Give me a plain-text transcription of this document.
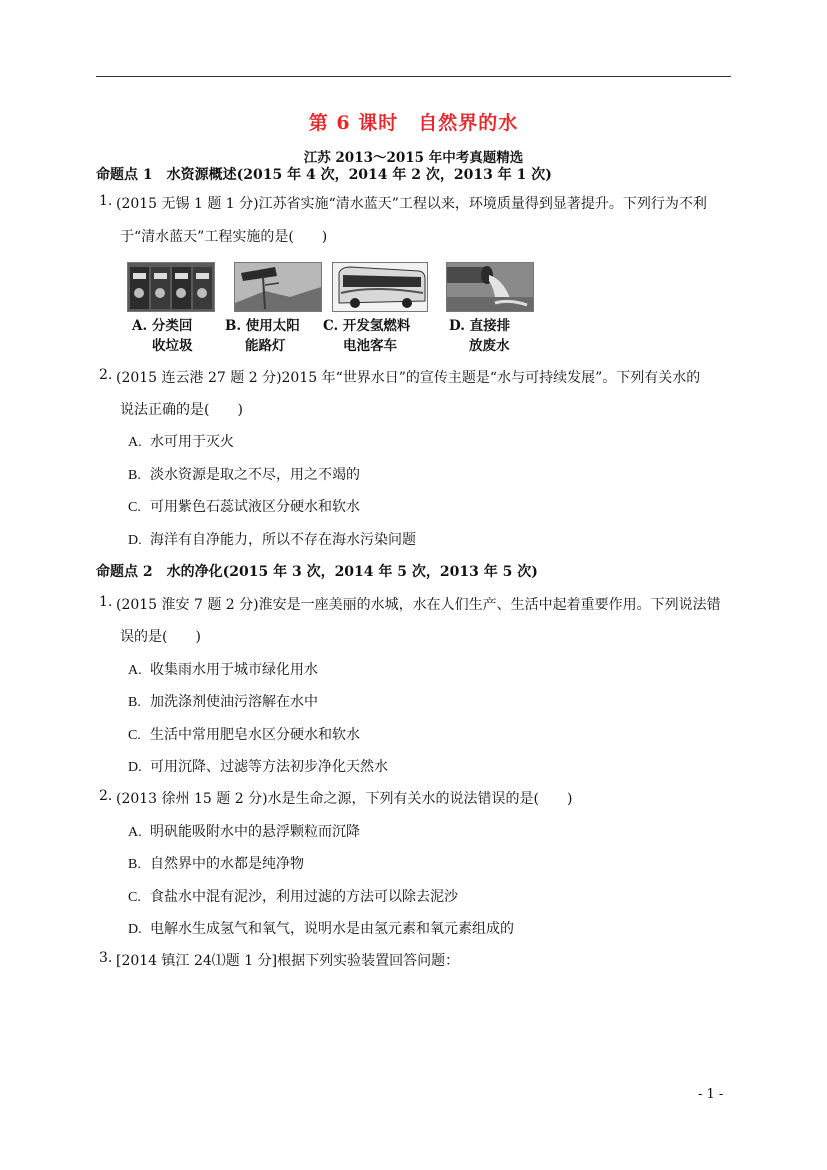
第 6 课时　自然界的水
江苏 2013～2015 年中考真题精选
命题点 1　水资源概述(2015 年 4 次，2014 年 2 次，2013 年 1 次)
1. (2015 无锡 1 题 1 分)江苏省实施“清水蓝天”工程以来，环境质量得到显著提升。下列行为不利
于“清水蓝天”工程实施的是(　　)
A. 分类回
收垃圾
B. 使用太阳
能路灯
C. 开发氢燃料
电池客车
D. 直接排
放废水
2. (2015 连云港 27 题 2 分)2015 年“世界水日”的宣传主题是“水与可持续发展”。下列有关水的
说法正确的是(　　)
A. 水可用于灭火
B. 淡水资源是取之不尽，用之不竭的
C. 可用紫色石蕊试液区分硬水和软水
D. 海洋有自净能力，所以不存在海水污染问题
命题点 2　水的净化(2015 年 3 次，2014 年 5 次，2013 年 5 次)
1. (2015 淮安 7 题 2 分)淮安是一座美丽的水城，水在人们生产、生活中起着重要作用。下列说法错
误的是(　　)
A. 收集雨水用于城市绿化用水
B. 加洗涤剂使油污溶解在水中
C. 生活中常用肥皂水区分硬水和软水
D. 可用沉降、过滤等方法初步净化天然水
2. (2013 徐州 15 题 2 分)水是生命之源，下列有关水的说法错误的是(　　)
A. 明矾能吸附水中的悬浮颗粒而沉降
B. 自然界中的水都是纯净物
C. 食盐水中混有泥沙，利用过滤的方法可以除去泥沙
D. 电解水生成氢气和氧气，说明水是由氢元素和氧元素组成的
3. [2014 镇江 24⑴题 1 分]根据下列实验装置回答问题：
- 1 -
